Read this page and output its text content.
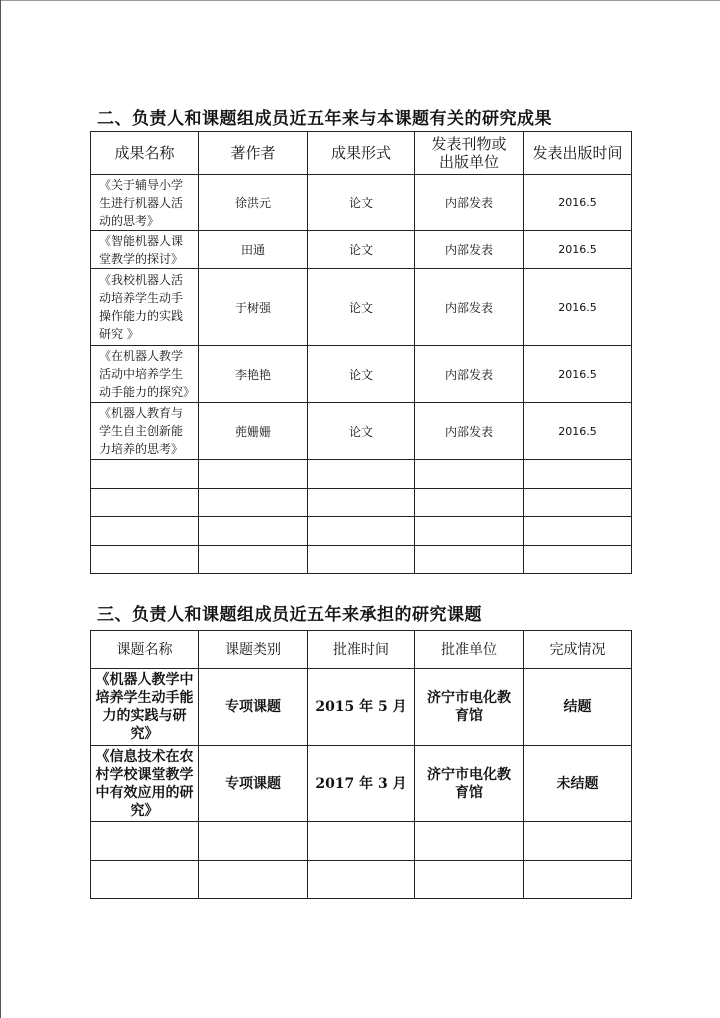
二、负责人和课题组成员近五年来与本课题有关的研究成果
成果名称	著作者	成果形式	发表刊物或出版单位	发表出版时间
《关于辅导小学生进行机器人活动的思考》	徐洪元	论文	内部发表	2016.5
《智能机器人课堂教学的探讨》	田通	论文	内部发表	2016.5
《我校机器人活动培养学生动手操作能力的实践研究 》	于树强	论文	内部发表	2016.5
《在机器人教学活动中培养学生动手能力的探究》	李艳艳	论文	内部发表	2016.5
《机器人教育与学生自主创新能力培养的思考》	蔸姗姗	论文	内部发表	2016.5

三、负责人和课题组成员近五年来承担的研究课题
课题名称	课题类别	批准时间	批准单位	完成情况
《机器人教学中培养学生动手能力的实践与研究》	专项课题	2015 年 5 月	济宁市电化教育馆	结题
《信息技术在农村学校课堂教学中有效应用的研究》	专项课题	2017 年 3 月	济宁市电化教育馆	未结题
